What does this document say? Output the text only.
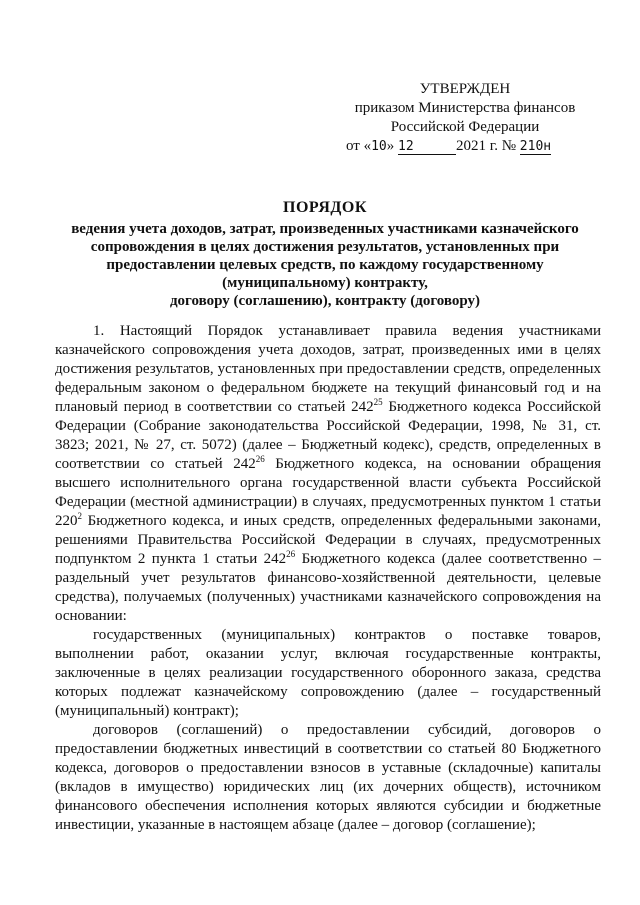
УТВЕРЖДЕН
приказом Министерства финансов
Российской Федерации
от «10» 12	2021 г. № 210н
ПОРЯДОК
ведения учета доходов, затрат, произведенных участниками казначейского
сопровождения в целях достижения результатов, установленных при
предоставлении целевых средств, по каждому государственному
(муниципальному) контракту,
договору (соглашению), контракту (договору)

1. Настоящий Порядок устанавливает правила ведения участниками казначейского сопровождения учета доходов, затрат, произведенных ими в целях достижения результатов, установленных при предоставлении средств, определенных федеральным законом о федеральном бюджете на текущий финансовый год и на плановый период в соответствии со статьей $242^{25}$ Бюджетного кодекса Российской Федерации (Собрание законодательства Российской Федерации, 1998, № 31, ст. 3823; 2021, № 27, ст. 5072) (далее – Бюджетный кодекс), средств, определенных в соответствии со статьей $242^{26}$ Бюджетного кодекса, на основании обращения высшего исполнительного органа государственной власти субъекта Российской Федерации (местной администрации) в случаях, предусмотренных пунктом 1 статьи $220^2$ Бюджетного кодекса, и иных средств, определенных федеральными законами, решениями Правительства Российской Федерации в случаях, предусмотренных подпунктом 2 пункта 1 статьи $242^{26}$ Бюджетного кодекса (далее соответственно – раздельный учет результатов финансово-хозяйственной деятельности, целевые средства), получаемых (полученных) участниками казначейского сопровождения на основании:

государственных (муниципальных) контрактов о поставке товаров, выполнении работ, оказании услуг, включая государственные контракты, заключенные в целях реализации государственного оборонного заказа, средства которых подлежат казначейскому сопровождению (далее – государственный (муниципальный) контракт);

договоров (соглашений) о предоставлении субсидий, договоров о предоставлении бюджетных инвестиций в соответствии со статьей 80 Бюджетного кодекса, договоров о предоставлении взносов в уставные (складочные) капиталы (вкладов в имущество) юридических лиц (их дочерних обществ), источником финансового обеспечения исполнения которых являются субсидии и бюджетные инвестиции, указанные в настоящем абзаце (далее – договор (соглашение);
